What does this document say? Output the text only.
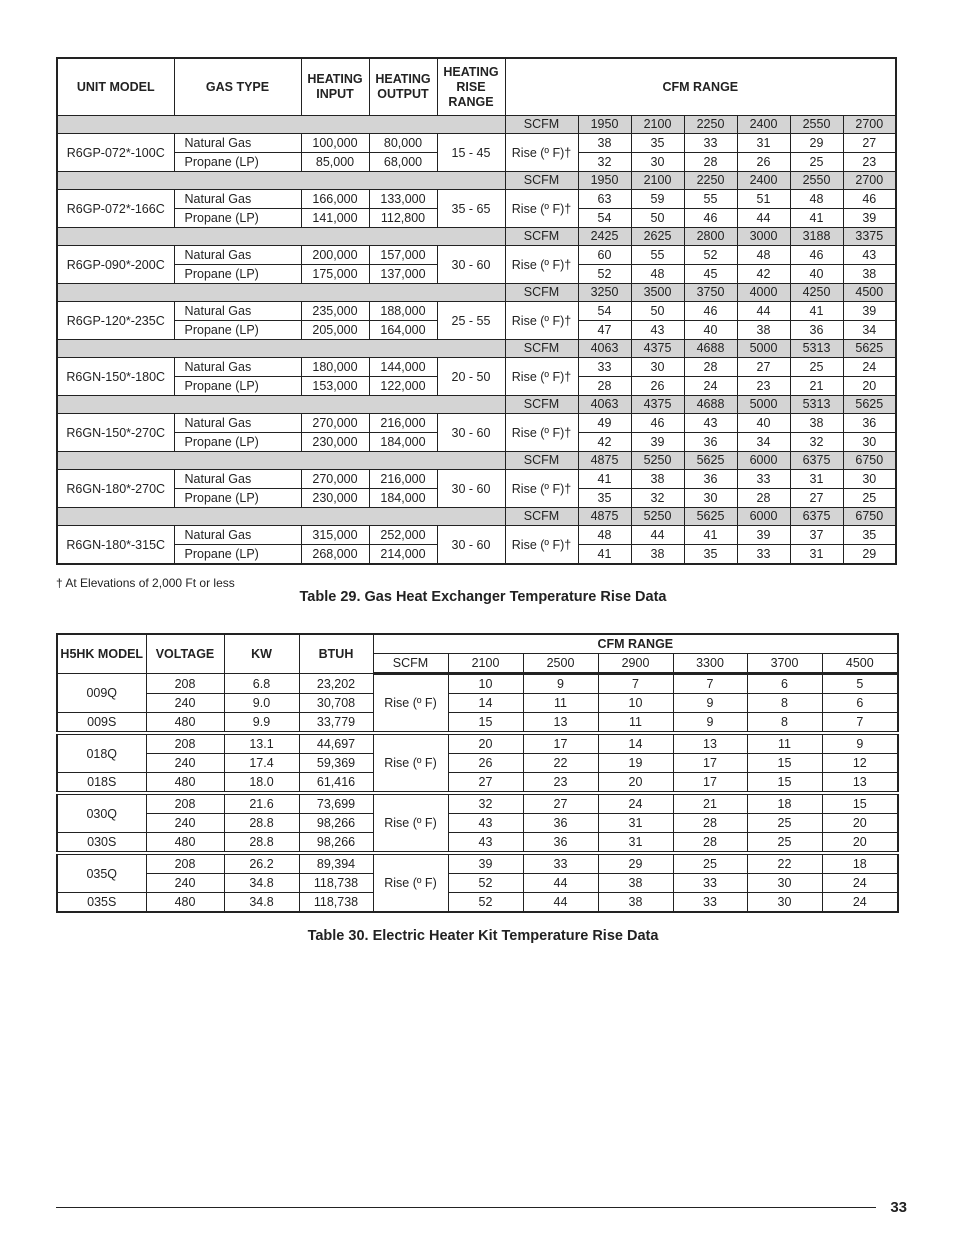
UNIT MODEL	GAS TYPE	HEATING INPUT	HEATING OUTPUT	HEATING RISE RANGE	CFM RANGE						
					SCFM	1950	2100	2250	2400	2550	2700
R6GP-072*-100C	Natural Gas	100,000	80,000	15 - 45	Rise (º F)†	38	35	33	31	29	27
	Propane (LP)	85,000	68,000			32	30	28	26	25	23
					SCFM	1950	2100	2250	2400	2550	2700
R6GP-072*-166C	Natural Gas	166,000	133,000	35 - 65	Rise (º F)†	63	59	55	51	48	46
	Propane (LP)	141,000	112,800			54	50	46	44	41	39
					SCFM	2425	2625	2800	3000	3188	3375
R6GP-090*-200C	Natural Gas	200,000	157,000	30 - 60	Rise (º F)†	60	55	52	48	46	43
	Propane (LP)	175,000	137,000			52	48	45	42	40	38
					SCFM	3250	3500	3750	4000	4250	4500
R6GP-120*-235C	Natural Gas	235,000	188,000	25 - 55	Rise (º F)†	54	50	46	44	41	39
	Propane (LP)	205,000	164,000			47	43	40	38	36	34
					SCFM	4063	4375	4688	5000	5313	5625
R6GN-150*-180C	Natural Gas	180,000	144,000	20 - 50	Rise (º F)†	33	30	28	27	25	24
	Propane (LP)	153,000	122,000			28	26	24	23	21	20
					SCFM	4063	4375	4688	5000	5313	5625
R6GN-150*-270C	Natural Gas	270,000	216,000	30 - 60	Rise (º F)†	49	46	43	40	38	36
	Propane (LP)	230,000	184,000			42	39	36	34	32	30
					SCFM	4875	5250	5625	6000	6375	6750
R6GN-180*-270C	Natural Gas	270,000	216,000	30 - 60	Rise (º F)†	41	38	36	33	31	30
	Propane (LP)	230,000	184,000			35	32	30	28	27	25
					SCFM	4875	5250	5625	6000	6375	6750
R6GN-180*-315C	Natural Gas	315,000	252,000	30 - 60	Rise (º F)†	48	44	41	39	37	35
	Propane (LP)	268,000	214,000			41	38	35	33	31	29
† At Elevations of 2,000 Ft or less
Table 29. Gas Heat Exchanger Temperature Rise Data
H5HK MODEL	VOLTAGE	KW	BTUH	CFM RANGE						
				SCFM	2100	2500	2900	3300	3700	4500
009Q	208	6.8	23,202	Rise (º F)	10	9	7	7	6	5
	240	9.0	30,708		14	11	10	9	8	6
009S	480	9.9	33,779		15	13	11	9	8	7
018Q	208	13.1	44,697	Rise (º F)	20	17	14	13	11	9
	240	17.4	59,369		26	22	19	17	15	12
018S	480	18.0	61,416		27	23	20	17	15	13
030Q	208	21.6	73,699	Rise (º F)	32	27	24	21	18	15
	240	28.8	98,266		43	36	31	28	25	20
030S	480	28.8	98,266		43	36	31	28	25	20
035Q	208	26.2	89,394	Rise (º F)	39	33	29	25	22	18
	240	34.8	118,738		52	44	38	33	30	24
035S	480	34.8	118,738		52	44	38	33	30	24
Table 30. Electric Heater Kit Temperature Rise Data
33
